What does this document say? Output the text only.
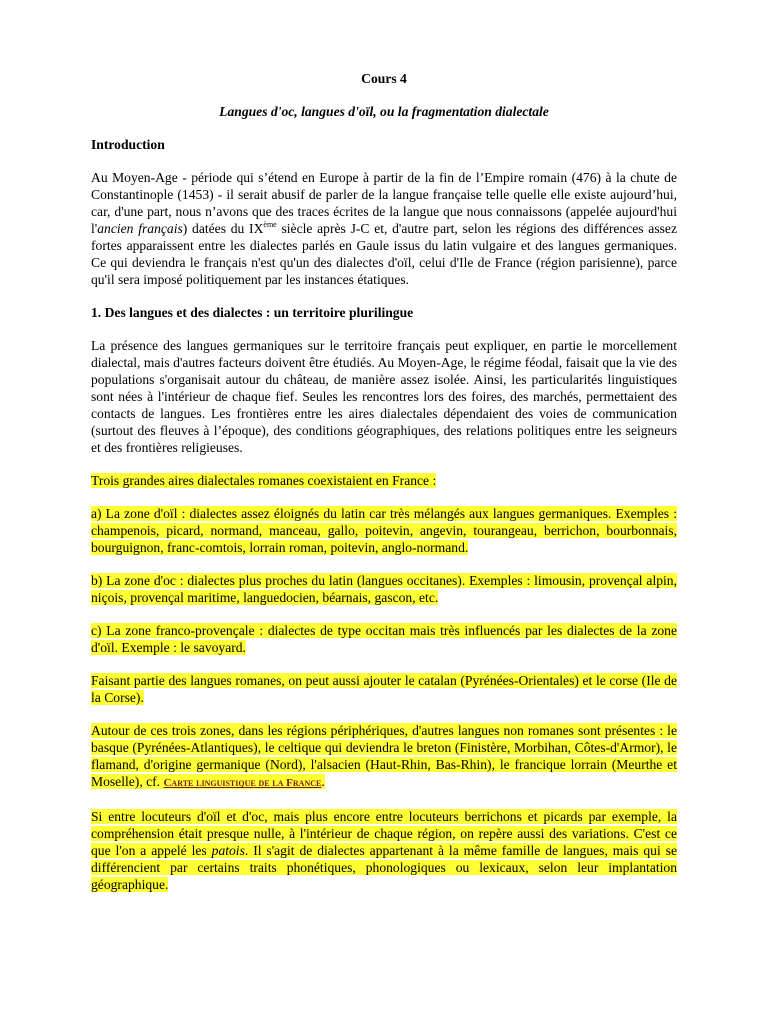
Cours 4

Langues d'oc, langues d'oïl, ou la fragmentation dialectale

Introduction

Au Moyen-Age - période qui s’étend en Europe à partir de la fin de l’Empire romain (476) à la chute de Constantinople (1453) - il serait abusif de parler de la langue française telle quelle elle existe aujourd’hui, car, d'une part, nous n’avons que des traces écrites de la langue que nous connaissons (appelée aujourd'hui l'ancien français) datées du IXème siècle après J-C et, d'autre part, selon les régions des différences assez fortes apparaissent entre les dialectes parlés en Gaule issus du latin vulgaire et des langues germaniques. Ce qui deviendra le français n'est qu'un des dialectes d'oïl, celui d'Ile de France (région parisienne), parce qu'il sera imposé politiquement par les instances étatiques.

1. Des langues et des dialectes : un territoire plurilingue

La présence des langues germaniques sur le territoire français peut expliquer, en partie le morcellement dialectal, mais d'autres facteurs doivent être étudiés. Au Moyen-Age, le régime féodal, faisait que la vie des populations s'organisait autour du château, de manière assez isolée. Ainsi, les particularités linguistiques sont nées à l'intérieur de chaque fief. Seules les rencontres lors des foires, des marchés, permettaient des contacts de langues. Les frontières entre les aires dialectales dépendaient des voies de communication (surtout des fleuves à l’époque), des conditions géographiques, des relations politiques entre les seigneurs et des frontières religieuses.

Trois grandes aires dialectales romanes coexistaient en France :

a) La zone d'oïl : dialectes assez éloignés du latin car très mélangés aux langues germaniques. Exemples : champenois, picard, normand, manceau, gallo, poitevin, angevin, tourangeau, berrichon, bourbonnais, bourguignon, franc-comtois, lorrain roman, poitevin, anglo-normand.

b) La zone d'oc : dialectes plus proches du latin (langues occitanes). Exemples : limousin, provençal alpin, niçois, provençal maritime, languedocien, béarnais, gascon, etc.

c) La zone franco-provençale : dialectes de type occitan mais très influencés par les dialectes de la zone d'oïl. Exemple : le savoyard.

Faisant partie des langues romanes, on peut aussi ajouter le catalan (Pyrénées-Orientales) et le corse (Ile de la Corse).

Autour de ces trois zones, dans les régions périphériques, d'autres langues non romanes sont présentes : le basque (Pyrénées-Atlantiques), le celtique qui deviendra le breton (Finistère, Morbihan, Côtes-d'Armor), le flamand, d'origine germanique (Nord), l'alsacien (Haut-Rhin, Bas-Rhin), le francique lorrain (Meurthe et Moselle), cf. Carte linguistique de la France.

Si entre locuteurs d'oïl et d'oc, mais plus encore entre locuteurs berrichons et picards par exemple, la compréhension était presque nulle, à l'intérieur de chaque région, on repère aussi des variations. C'est ce que l'on a appelé les patois. Il s'agit de dialectes appartenant à la même famille de langues, mais qui se différencient par certains traits phonétiques, phonologiques ou lexicaux, selon leur implantation géographique.
